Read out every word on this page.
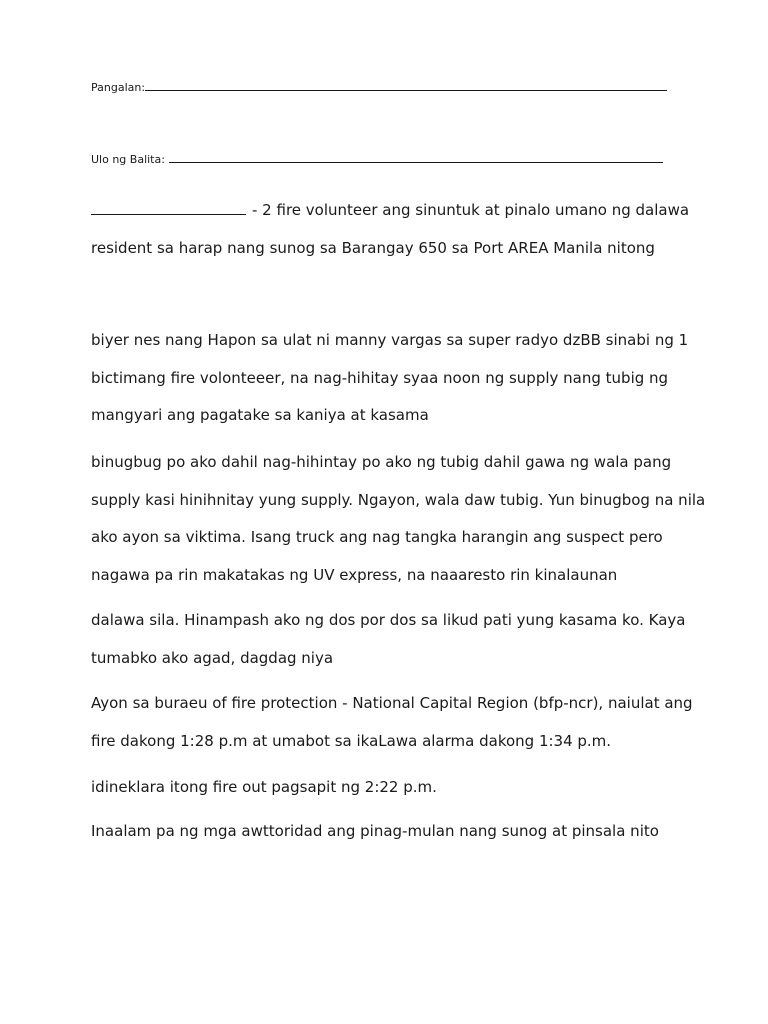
Pangalan:
Ulo ng Balita:
- 2 fire volunteer ang sinuntuk at pinalo umano ng dalawa
resident sa harap nang sunog sa Barangay 650 sa Port AREA Manila nitong
biyer nes nang Hapon sa ulat ni manny vargas sa super radyo dzBB sinabi ng 1
bictimang fire volonteeer, na nag-hihitay syaa noon ng supply nang tubig ng
mangyari ang pagatake sa kaniya at kasama
binugbug po ako dahil nag-hihintay po ako ng tubig dahil gawa ng wala pang
supply kasi hinihnitay yung supply. Ngayon, wala daw tubig. Yun binugbog na nila
ako ayon sa viktima. Isang truck ang nag tangka harangin ang suspect pero
nagawa pa rin makatakas ng UV express, na naaaresto rin kinalaunan
dalawa sila. Hinampash ako ng dos por dos sa likud pati yung kasama ko. Kaya
tumabko ako agad, dagdag niya
Ayon sa buraeu of fire protection - National Capital Region (bfp-ncr), naiulat ang
fire dakong 1:28 p.m at umabot sa ikaLawa alarma dakong 1:34 p.m.
idineklara itong fire out pagsapit ng 2:22 p.m.
Inaalam pa ng mga awttoridad ang pinag-mulan nang sunog at pinsala nito
